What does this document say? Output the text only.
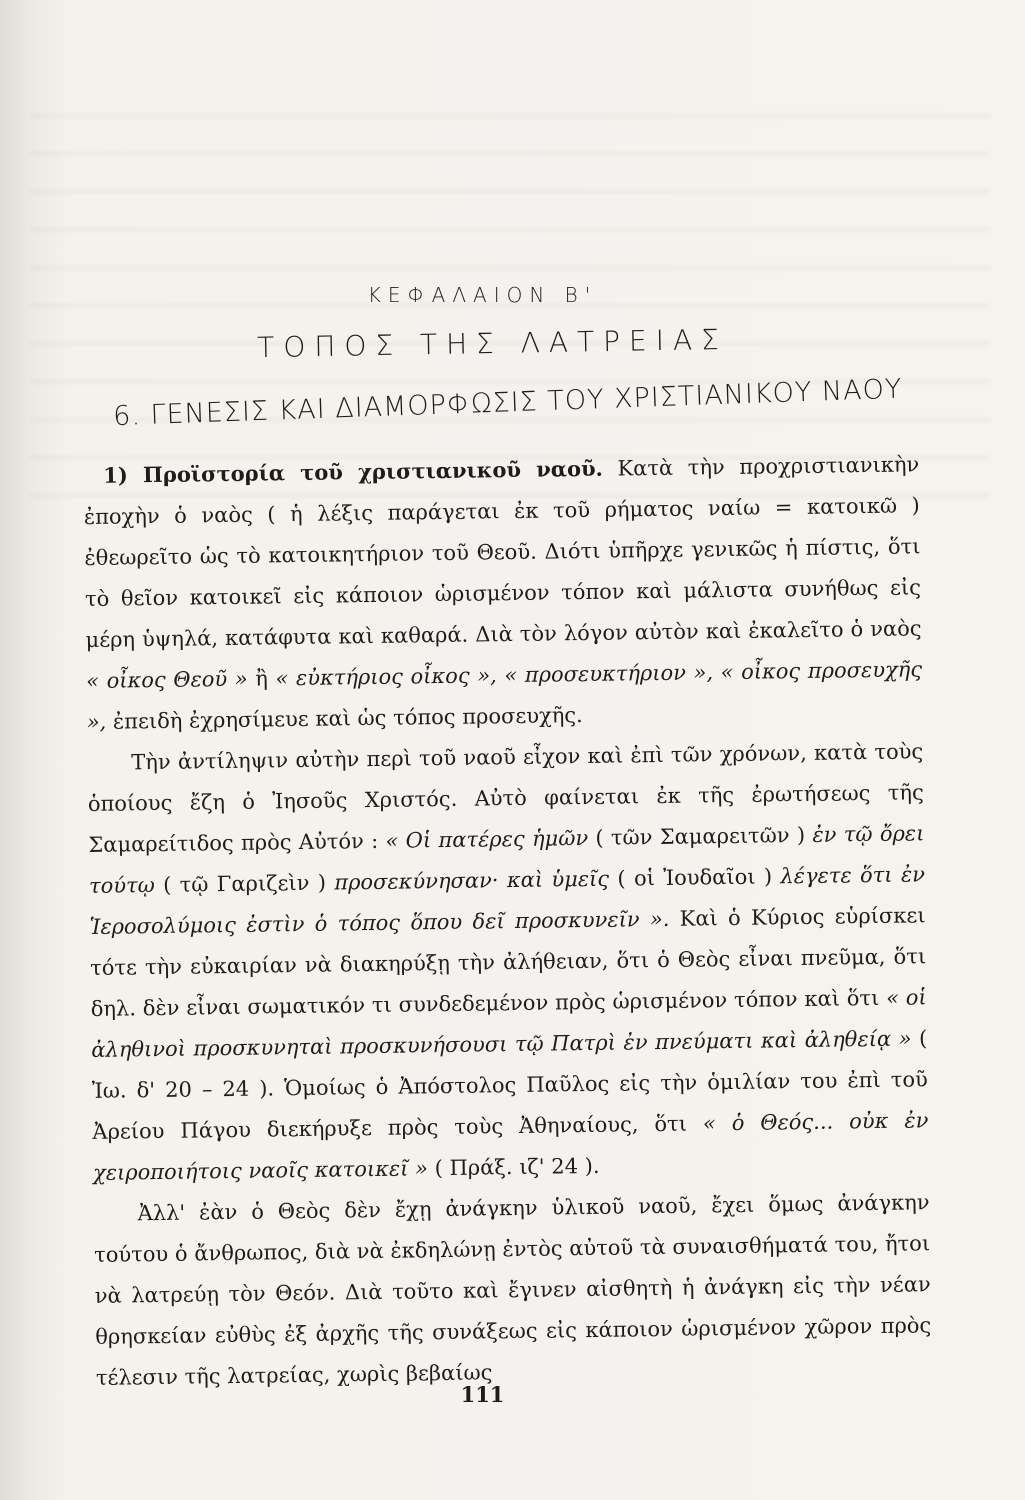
ΚΕΦΑΛΑΙΟΝ Β'
ΤΟΠΟΣ ΤΗΣ ΛΑΤΡΕΙΑΣ
6. ΓΕΝΕΣΙΣ ΚΑΙ ΔΙΑΜΟΡΦΩΣΙΣ ΤΟΥ ΧΡΙΣΤΙΑΝΙΚΟΥ ΝΑΟΥ

1) Προϊστορία τοῦ χριστιανικοῦ ναοῦ. Κατὰ τὴν προχριστιανικὴν ἐποχὴν ὁ ναὸς ( ἡ λέξις παράγεται ἐκ τοῦ ρήματος ναίω = κατοικῶ ) ἐθεωρεῖτο ὡς τὸ κατοικητήριον τοῦ Θεοῦ. Διότι ὑπῆρχε γενικῶς ἡ πίστις, ὅτι τὸ θεῖον κατοικεῖ εἰς κάποιον ὡρισμένον τόπον καὶ μάλιστα συνήθως εἰς μέρη ὑψηλά, κατάφυτα καὶ καθαρά. Διὰ τὸν λόγον αὐτὸν καὶ ἐκαλεῖτο ὁ ναὸς « οἶκος Θεοῦ » ἢ « εὐκτήριος οἶκος », « προσευκτήριον », « οἶκος προσευχῆς », ἐπειδὴ ἐχρησίμευε καὶ ὡς τόπος προσευχῆς.

Τὴν ἀντίληψιν αὐτὴν περὶ τοῦ ναοῦ εἶχον καὶ ἐπὶ τῶν χρόνων, κατὰ τοὺς ὁποίους ἔζη ὁ Ἰησοῦς Χριστός. Αὐτὸ φαίνεται ἐκ τῆς ἐρωτήσεως τῆς Σαμαρείτιδος πρὸς Αὐτόν : « Οἱ πατέρες ἡμῶν ( τῶν Σαμαρειτῶν ) ἐν τῷ ὄρει τούτῳ ( τῷ Γαριζεὶν ) προσεκύνησαν· καὶ ὑμεῖς ( οἱ Ἰουδαῖοι ) λέγετε ὅτι ἐν Ἱεροσολύμοις ἐστὶν ὁ τόπος ὅπου δεῖ προσκυνεῖν ». Καὶ ὁ Κύριος εὑρίσκει τότε τὴν εὐκαιρίαν νὰ διακηρύξῃ τὴν ἀλήθειαν, ὅτι ὁ Θεὸς εἶναι πνεῦμα, ὅτι δηλ. δὲν εἶναι σωματικόν τι συνδεδεμένον πρὸς ὡρισμένον τόπον καὶ ὅτι « οἱ ἀληθινοὶ προσκυνηταὶ προσκυνήσουσι τῷ Πατρὶ ἐν πνεύματι καὶ ἀληθείᾳ » ( Ἰω. δ' 20 – 24 ). Ὁμοίως ὁ Ἀπόστολος Παῦλος εἰς τὴν ὁμιλίαν του ἐπὶ τοῦ Ἀρείου Πάγου διεκήρυξε πρὸς τοὺς Ἀθηναίους, ὅτι « ὁ Θεός... οὐκ ἐν χειροποιήτοις ναοῖς κατοικεῖ » ( Πράξ. ιζ' 24 ).

Ἀλλ' ἐὰν ὁ Θεὸς δὲν ἔχῃ ἀνάγκην ὑλικοῦ ναοῦ, ἔχει ὅμως ἀνάγκην τούτου ὁ ἄνθρωπος, διὰ νὰ ἐκδηλώνῃ ἐντὸς αὐτοῦ τὰ συναισθήματά του, ἤτοι νὰ λατρεύῃ τὸν Θεόν. Διὰ τοῦτο καὶ ἔγινεν αἰσθητὴ ἡ ἀνάγκη εἰς τὴν νέαν θρησκείαν εὐθὺς ἐξ ἀρχῆς τῆς συνάξεως εἰς κάποιον ὡρισμένον χῶρον πρὸς τέλεσιν τῆς λατρείας, χωρὶς βεβαίως

111
